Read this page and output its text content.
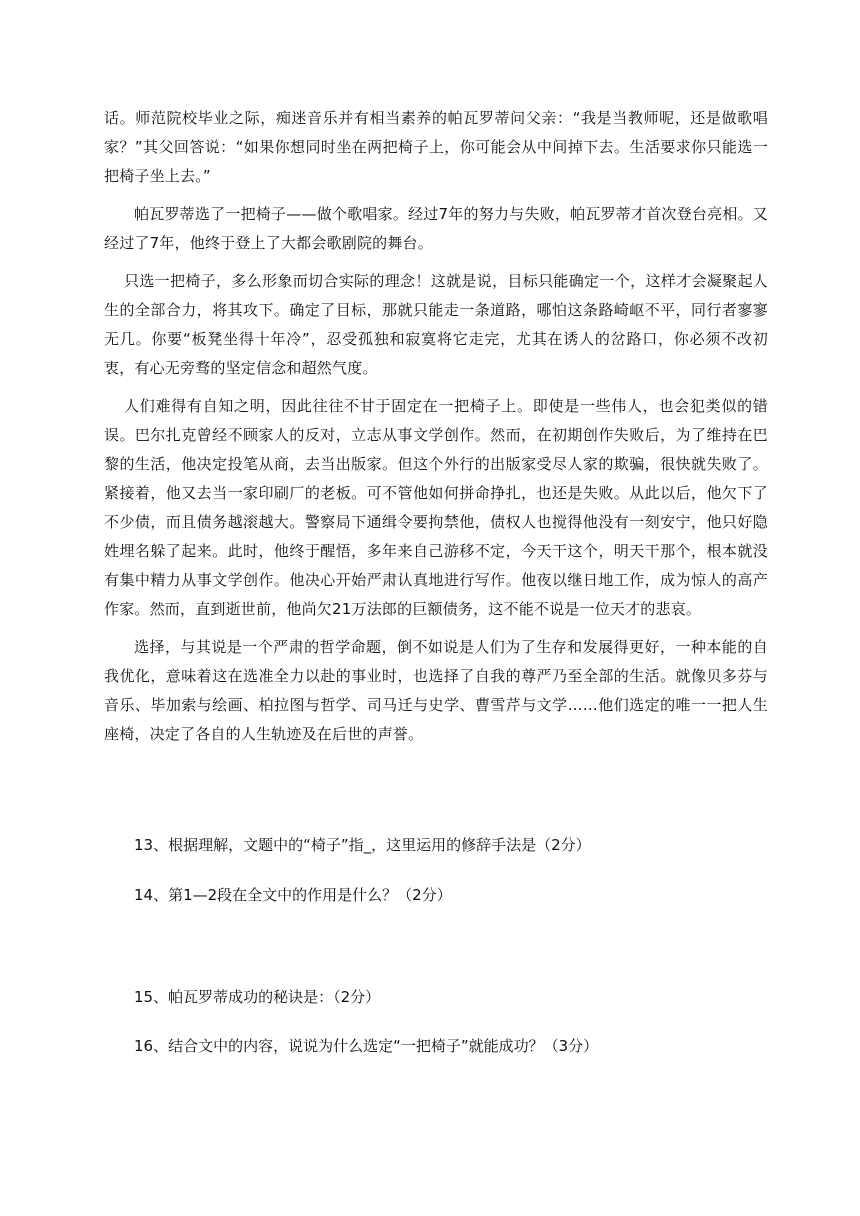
话。师范院校毕业之际，痴迷音乐并有相当素养的帕瓦罗蒂问父亲：“我是当教师呢，还是做歌唱家？”其父回答说：“如果你想同时坐在两把椅子上，你可能会从中间掉下去。生活要求你只能选一把椅子坐上去。”

帕瓦罗蒂选了一把椅子——做个歌唱家。经过7年的努力与失败，帕瓦罗蒂才首次登台亮相。又经过了7年，他终于登上了大都会歌剧院的舞台。

只选一把椅子，多么形象而切合实际的理念！这就是说，目标只能确定一个，这样才会凝聚起人生的全部合力，将其攻下。确定了目标，那就只能走一条道路，哪怕这条路崎岖不平，同行者寥寥无几。你要“板凳坐得十年冷”，忍受孤独和寂寞将它走完，尤其在诱人的岔路口，你必须不改初衷，有心无旁骛的坚定信念和超然气度。

人们难得有自知之明，因此往往不甘于固定在一把椅子上。即使是一些伟人，也会犯类似的错误。巴尔扎克曾经不顾家人的反对，立志从事文学创作。然而，在初期创作失败后，为了维持在巴黎的生活，他决定投笔从商，去当出版家。但这个外行的出版家受尽人家的欺骗，很快就失败了。紧接着，他又去当一家印刷厂的老板。可不管他如何拼命挣扎，也还是失败。从此以后，他欠下了不少债，而且债务越滚越大。警察局下通缉令要拘禁他，债权人也搅得他没有一刻安宁，他只好隐姓埋名躲了起来。此时，他终于醒悟，多年来自己游移不定，今天干这个，明天干那个，根本就没有集中精力从事文学创作。他决心开始严肃认真地进行写作。他夜以继日地工作，成为惊人的高产作家。然而，直到逝世前，他尚欠21万法郎的巨额债务，这不能不说是一位天才的悲哀。

选择，与其说是一个严肃的哲学命题，倒不如说是人们为了生存和发展得更好，一种本能的自我优化，意味着这在选准全力以赴的事业时，也选择了自我的尊严乃至全部的生活。就像贝多芬与音乐、毕加索与绘画、柏拉图与哲学、司马迁与史学、曹雪芹与文学……他们选定的唯一一把人生座椅，决定了各自的人生轨迹及在后世的声誉。

13、根据理解，文题中的“椅子”指_，这里运用的修辞手法是（2分）

14、第1—2段在全文中的作用是什么？（2分）

15、帕瓦罗蒂成功的秘诀是：（2分）

16、结合文中的内容，说说为什么选定“一把椅子”就能成功？（3分）
